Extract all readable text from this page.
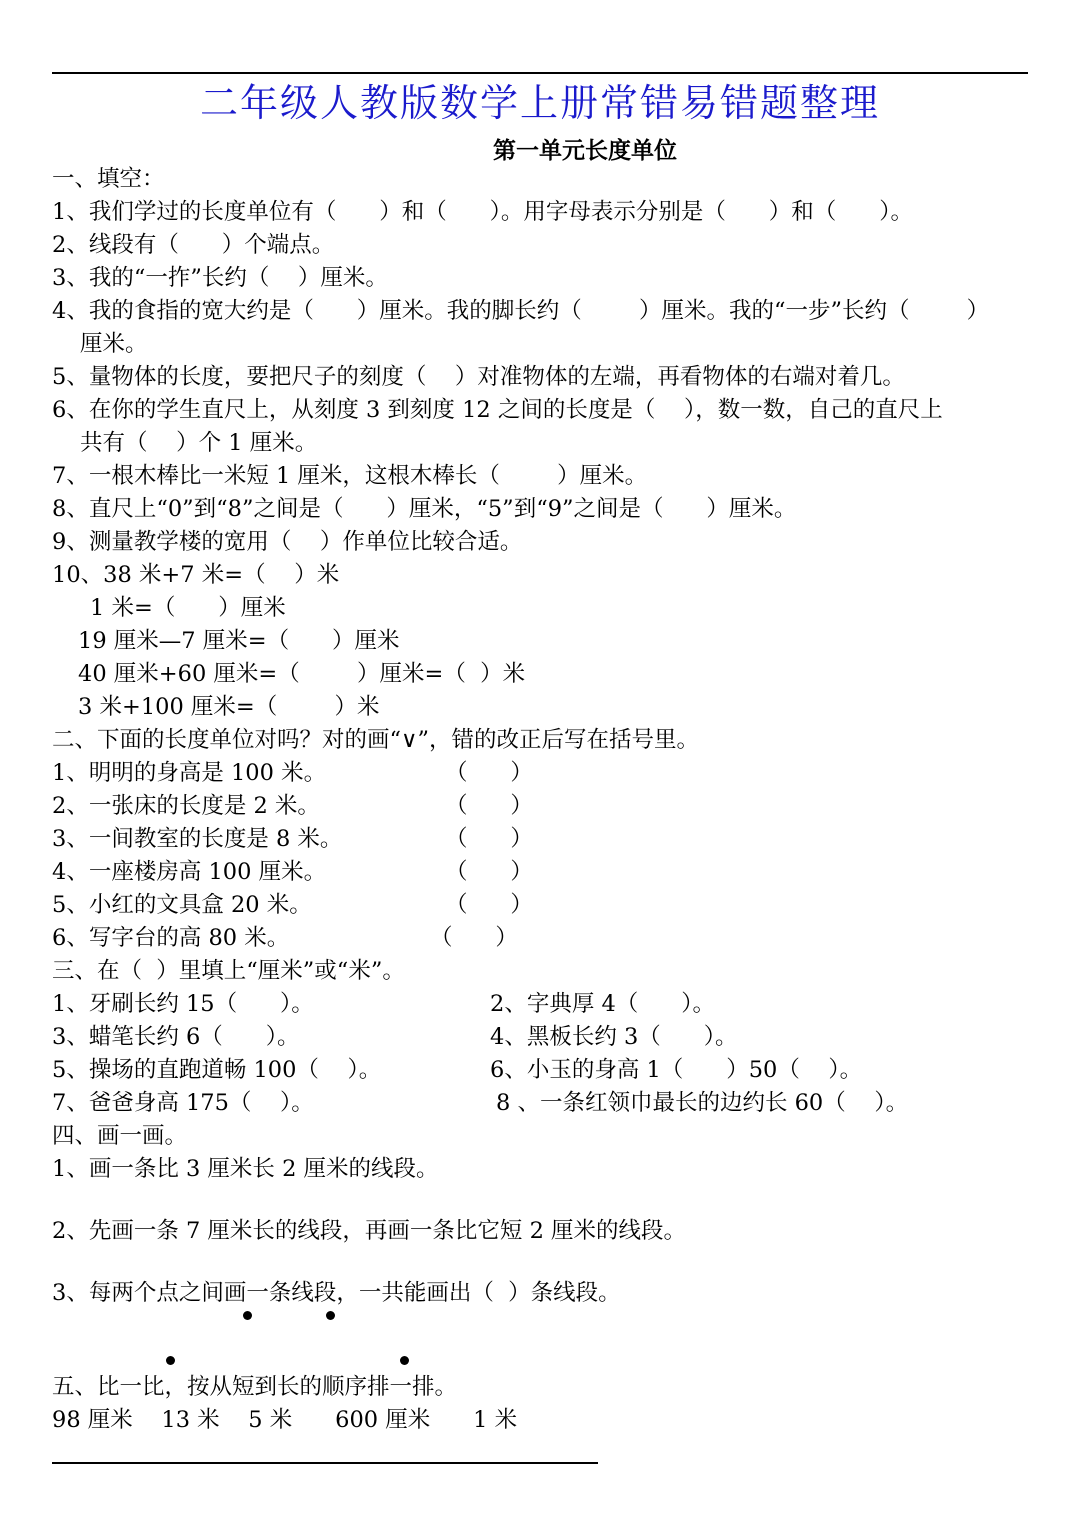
二年级人教版数学上册常错易错题整理
第一单元长度单位
一、填空：
1、我们学过的长度单位有（      ）和（      ）。用字母表示分别是（      ）和（      ）。
2、线段有（      ）个端点。
3、我的“一拃”长约（    ）厘米。
4、我的食指的宽大约是（      ）厘米。我的脚长约（        ）厘米。我的“一步”长约（        ）
厘米。
5、量物体的长度，要把尺子的刻度（    ）对准物体的左端，再看物体的右端对着几。
6、在你的学生直尺上，从刻度 3 到刻度 12 之间的长度是（    ），数一数，自己的直尺上
共有（    ）个 1 厘米。
7、一根木棒比一米短 1 厘米，这根木棒长（        ）厘米。
8、直尺上“0”到“8”之间是（      ）厘米，“5”到“9”之间是（      ）厘米。
9、测量教学楼的宽用（    ）作单位比较合适。
10、38 米+7 米=（    ）米
1 米=（      ）厘米
19 厘米—7 厘米=（      ）厘米
40 厘米+60 厘米=（        ）厘米=（  ）米
3 米+100 厘米=（        ）米
二、下面的长度单位对吗？对的画“∨”，错的改正后写在括号里。
1、明明的身高是 100 米。	（      ）
2、一张床的长度是 2 米。	（      ）
3、一间教室的长度是 8 米。	（      ）
4、一座楼房高 100 厘米。	（      ）
5、小红的文具盒 20 米。	（      ）
6、写字台的高 80 米。	（      ）
三、在（  ）里填上“厘米”或“米”。
1、牙刷长约 15（      ）。	2、字典厚 4（      ）。
3、蜡笔长约 6（      ）。	4、黑板长约 3（      ）。
5、操场的直跑道畅 100（    ）。	6、小玉的身高 1（      ）50（    ）。
7、爸爸身高 175（    ）。	8 、一条红领巾最长的边约长 60（    ）。
四、画一画。
1、画一条比 3 厘米长 2 厘米的线段。
2、先画一条 7 厘米长的线段，再画一条比它短 2 厘米的线段。
3、每两个点之间画一条线段，一共能画出（  ）条线段。
五、比一比，按从短到长的顺序排一排。
98 厘米    13 米    5 米      600 厘米      1 米
